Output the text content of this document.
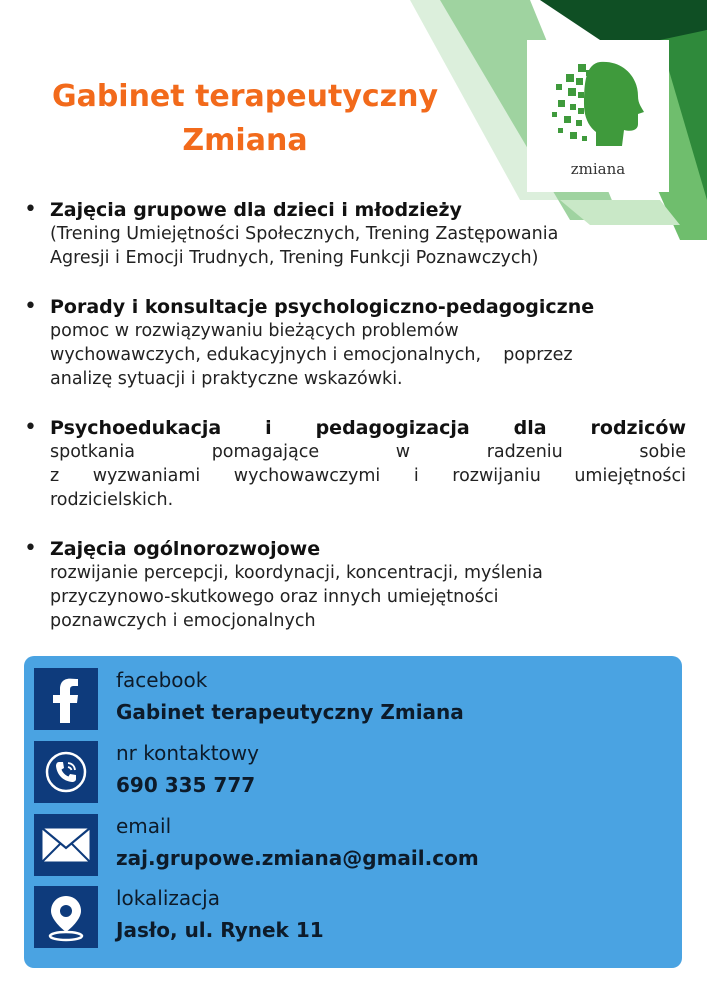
Gabinet terapeutyczny
Zmiana
zmiana
• Zajęcia grupowe dla dzieci i młodzieży

(Trening Umiejętności Społecznych, Trening Zastępowania

Agresji i Emocji Trudnych, Trening Funkcji Poznawczych)

• Porady i konsultacje psychologiczno-pedagogiczne

pomoc w rozwiązywaniu bieżących problemów

wychowawczych, edukacyjnych i emocjonalnych,    poprzez

analizę sytuacji i praktyczne wskazówki.

• Psychoedukacja i pedagogizacja dla rodziców

spotkania pomagające w radzeniu sobie

z wyzwaniami wychowawczymi i rozwijaniu umiejętności

rodzicielskich.

• Zajęcia ogólnorozwojowe

rozwijanie percepcji, koordynacji, koncentracji, myślenia

przyczynowo-skutkowego oraz innych umiejętności

poznawczych i emocjonalnych

facebook
Gabinet terapeutyczny Zmiana
nr kontaktowy
690 335 777
email
zaj.grupowe.zmiana@gmail.com
lokalizacja
Jasło, ul. Rynek 11
